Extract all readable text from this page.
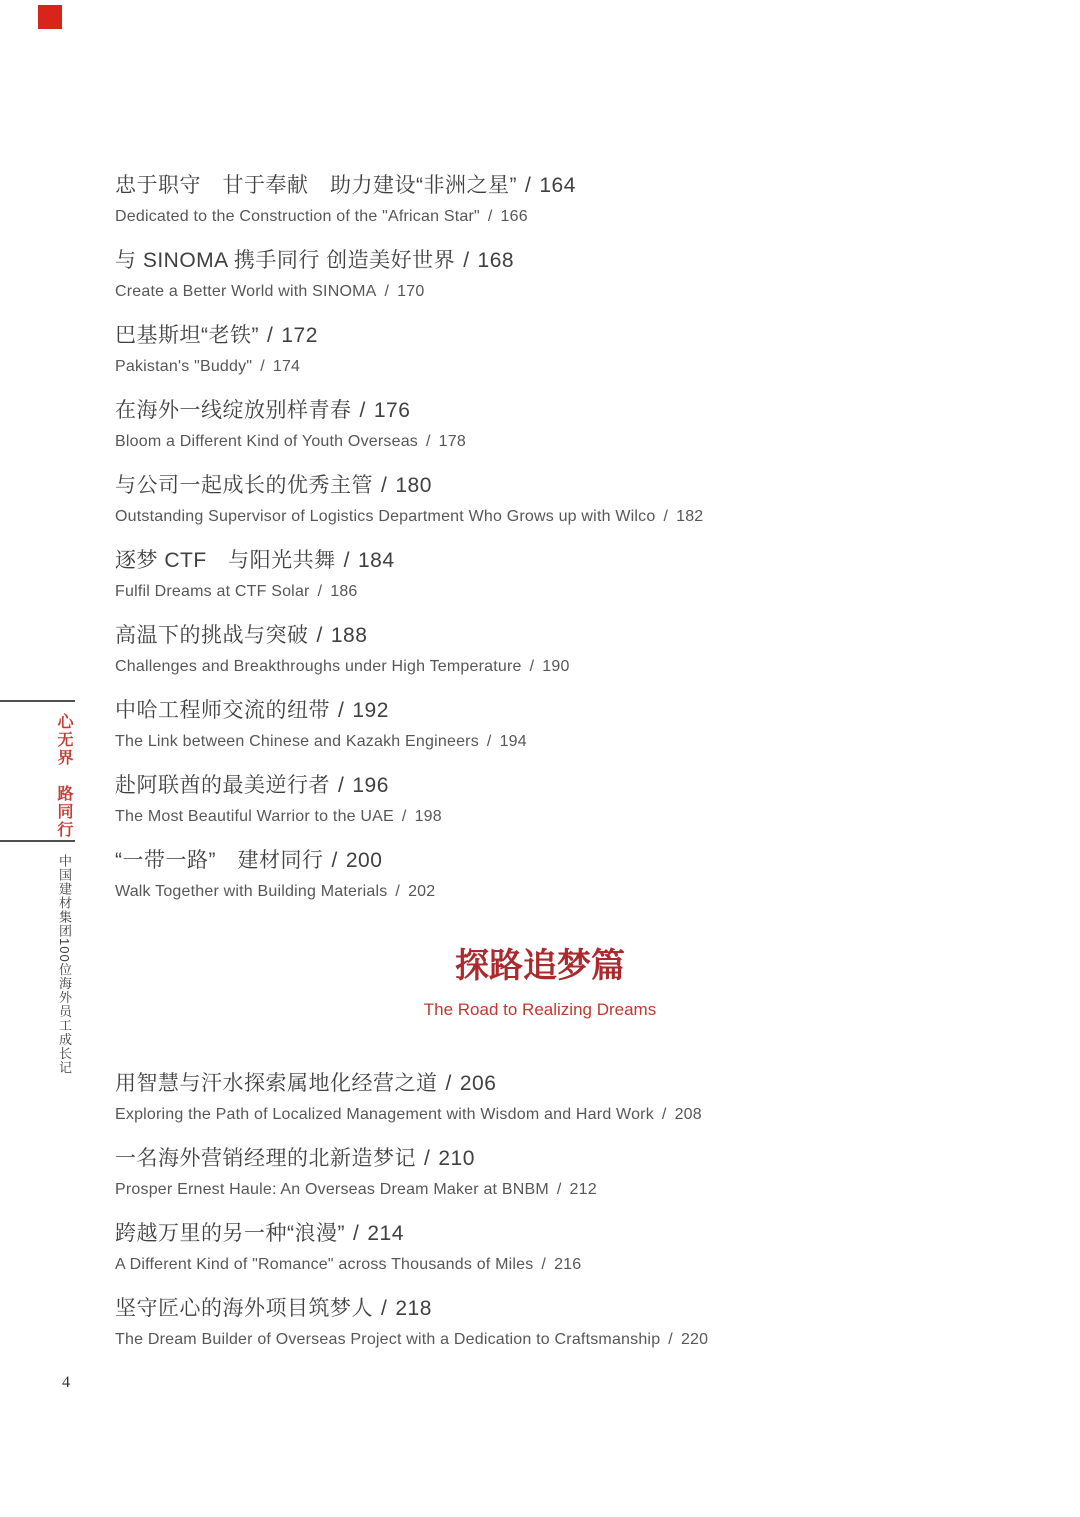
心无界　路同行
中国建材集团100位海外员工成长记
忠于职守　甘于奉献　助力建设“非洲之星” / 164
Dedicated to the Construction of the "African Star" / 166
与 SINOMA 携手同行 创造美好世界 / 168
Create a Better World with SINOMA / 170
巴基斯坦“老铁” / 172
Pakistan's "Buddy" / 174
在海外一线绽放别样青春 / 176
Bloom a Different Kind of Youth Overseas / 178
与公司一起成长的优秀主管 / 180
Outstanding Supervisor of Logistics Department Who Grows up with Wilco / 182
逐梦 CTF　与阳光共舞 / 184
Fulfil Dreams at CTF Solar / 186
高温下的挑战与突破 / 188
Challenges and Breakthroughs under High Temperature / 190
中哈工程师交流的纽带 / 192
The Link between Chinese and Kazakh Engineers / 194
赴阿联酋的最美逆行者 / 196
The Most Beautiful Warrior to the UAE / 198
“一带一路”　建材同行 / 200
Walk Together with Building Materials / 202
探路追梦篇
The Road to Realizing Dreams
用智慧与汗水探索属地化经营之道 / 206
Exploring the Path of Localized Management with Wisdom and Hard Work / 208
一名海外营销经理的北新造梦记 / 210
Prosper Ernest Haule: An Overseas Dream Maker at BNBM / 212
跨越万里的另一种“浪漫” / 214
A Different Kind of "Romance" across Thousands of Miles / 216
坚守匠心的海外项目筑梦人 / 218
The Dream Builder of Overseas Project with a Dedication to Craftsmanship / 220
4
